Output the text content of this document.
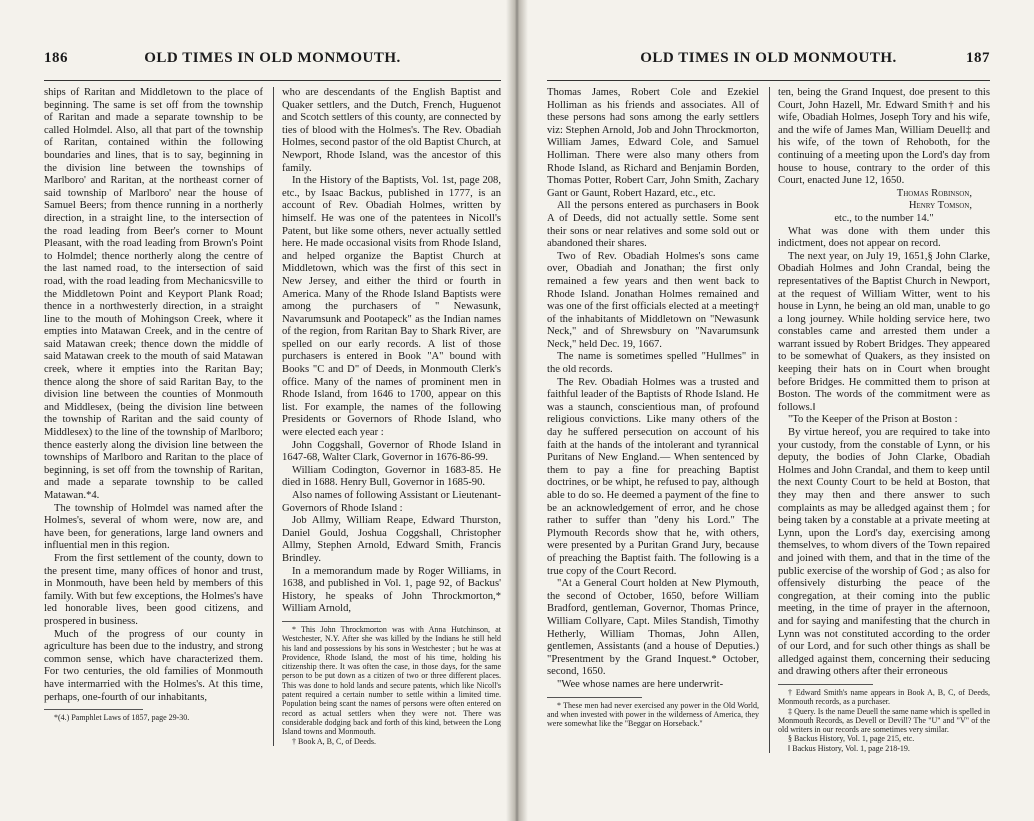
186	OLD TIMES IN OLD MONMOUTH.

ships of Raritan and Middletown to the place of beginning. The same is set off from the township of Raritan and made a separate township to be called Holmdel. Also, all that part of the township of Raritan, contained within the following boundaries and lines, that is to say, beginning in the division line between the townships of Marlboro' and Raritan, at the northeast corner of said township of Marlboro' near the house of Samuel Beers; from thence running in a northerly direction, in a straight line, to the intersection of the road leading from Beer's corner to Mount Pleasant, with the road leading from Brown's Point to Holmdel; thence northerly along the centre of the last named road, to the intersection of said road, with the road leading from Mechanicsville to the Middletown Point and Keyport Plank Road; thence in a northwesterly direction, in a straight line to the mouth of Mohingson Creek, where it empties into Matawan Creek, and in the centre of said Matawan creek; thence down the middle of said Matawan creek to the mouth of said Matawan creek, where it empties into the Raritan Bay; thence along the shore of said Raritan Bay, to the division line between the counties of Monmouth and Middlesex, (being the division line between the township of Raritan and the said county of Middlesex) to the line of the township of Marlboro; thence easterly along the division line between the townships of Marlboro and Raritan to the place of beginning, is set off from the township of Raritan, and made a separate township to be called Matawan.*4.

The township of Holmdel was named after the Holmes's, several of whom were, now are, and have been, for generations, large land owners and influential men in this region.

From the first settlement of the county, down to the present time, many offices of honor and trust, in Monmouth, have been held by members of this family. With but few exceptions, the Holmes's have led honorable lives, been good citizens, and prospered in business.

Much of the progress of our county in agriculture has been due to the industry, and strong common sense, which have characterized them. For two centuries, the old families of Monmouth have intermarried with the Holmes's. At this time, perhaps, one-fourth of our inhabitants,

*(4.) Pamphlet Laws of 1857, page 29-30.

who are descendants of the English Baptist and Quaker settlers, and the Dutch, French, Huguenot and Scotch settlers of this county, are connected by ties of blood with the Holmes's. The Rev. Obadiah Holmes, second pastor of the old Baptist Church, at Newport, Rhode Island, was the ancestor of this family.

In the History of the Baptists, Vol. 1st, page 208, etc., by Isaac Backus, published in 1777, is an account of Rev. Obadiah Holmes, written by himself. He was one of the patentees in Nicoll's Patent, but like some others, never actually settled here. He made occasional visits from Rhode Island, and helped organize the Baptist Church at Middletown, which was the first of this sect in New Jersey, and either the third or fourth in America. Many of the Rhode Island Baptists were among the purchasers of " Newasunk, Navarumsunk and Pootapeck" as the Indian names of the region, from Raritan Bay to Shark River, are spelled on our early records. A list of those purchasers is entered in Book "A" bound with Books "C and D" of Deeds, in Monmouth Clerk's office. Many of the names of prominent men in Rhode Island, from 1646 to 1700, appear on this list. For example, the names of the following Presidents or Governors of Rhode Island, who were elected each year :

John Coggshall, Governor of Rhode Island in 1647-68, Walter Clark, Governor in 1676-86-99.

William Codington, Governor in 1683-85. He died in 1688. Henry Bull, Governor in 1685-90.

Also names of following Assistant or Lieutenant-Governors of Rhode Island :

Job Allmy, William Reape, Edward Thurston, Daniel Gould, Joshua Coggshall, Christopher Allmy, Stephen Arnold, Edward Smith, Francis Brindley.

In a memorandum made by Roger Williams, in 1638, and published in Vol. 1, page 92, of Backus' History, he speaks of John Throckmorton,* William Arnold,

* This John Throckmorton was with Anna Hutchinson, at Westchester, N.Y. After she was killed by the Indians he still held his land and possessions by his sons in Westchester ; but he was at Providence, Rhode Island, the most of his time, holding his citizenship there. It was often the case, in those days, for the same person to be put down as a citizen of two or three different places. This was done to hold lands and secure patents, which like Nicoll's patent required a certain number to settle within a limited time. Population being scant the names of persons were often entered on record as actual settlers when they were not. There was considerable dodging back and forth of this kind, between the Long Island towns and Monmouth.

† Book A, B, C, of Deeds.

OLD TIMES IN OLD MONMOUTH.	187

Thomas James, Robert Cole and Ezekiel Holliman as his friends and associates. All of these persons had sons among the early settlers viz: Stephen Arnold, Job and John Throckmorton, William James, Edward Cole, and Samuel Holliman. There were also many others from Rhode Island, as Richard and Benjamin Borden, Thomas Potter, Robert Carr, John Smith, Zachary Gant or Gaunt, Robert Hazard, etc., etc.

All the persons entered as purchasers in Book A of Deeds, did not actually settle. Some sent their sons or near relatives and some sold out or abandoned their shares.

Two of Rev. Obadiah Holmes's sons came over, Obadiah and Jonathan; the first only remained a few years and then went back to Rhode Island. Jonathan Holmes remained and was one of the first officials elected at a meeting† of the inhabitants of Middletown on "Newasunk Neck," and of Shrewsbury on "Navarumsunk Neck," held Dec. 19, 1667.

The name is sometimes spelled "Hullmes" in the old records.

The Rev. Obadiah Holmes was a trusted and faithful leader of the Baptists of Rhode Island. He was a staunch, conscientious man, of profound religious convictions. Like many others of the day he suffered persecution on account of his faith at the hands of the intolerant and tyrannical Puritans of New England.— When sentenced by them to pay a fine for preaching Baptist doctrines, or be whipt, he refused to pay, although able to do so. He deemed a payment of the fine to be an acknowledgement of error, and he chose rather to suffer than "deny his Lord." The Plymouth Records show that he, with others, were presented by a Puritan Grand Jury, because of preaching the Baptist faith. The following is a true copy of the Court Record.

"At a General Court holden at New Plymouth, the second of October, 1650, before William Bradford, gentleman, Governor, Thomas Prince, William Collyare, Capt. Miles Standish, Timothy Hetherly, William Thomas, John Allen, gentlemen, Assistants (and a house of Deputies.) "Presentment by the Grand Inquest.* October, second, 1650.

"Wee whose names are here underwrit-

* These men had never exercised any power in the Old World, and when invested with power in the wilderness of America, they were somewhat like the "Beggar on Horseback."

ten, being the Grand Inquest, doe present to this Court, John Hazell, Mr. Edward Smith† and his wife, Obadiah Holmes, Joseph Tory and his wife, and the wife of James Man, William Deuell‡ and his wife, of the town of Rehoboth, for the continuing of a meeting upon the Lord's day from house to house, contrary to the order of this Court, enacted June 12, 1650.

Thomas Robinson,

Henry Tomson,

etc., to the number 14."

What was done with them under this indictment, does not appear on record.

The next year, on July 19, 1651,§ John Clarke, Obadiah Holmes and John Crandal, being the representatives of the Baptist Church in Newport, at the request of William Witter, went to his house in Lynn, he being an old man, unable to go a long journey. While holding service here, two constables came and arrested them under a warrant issued by Robert Bridges. They appeared to be somewhat of Quakers, as they insisted on keeping their hats on in Court when brought before Bridges. He committed them to prison at Boston. The words of the commitment were as follows.‖

"To the Keeper of the Prison at Boston :

By virtue hereof, you are required to take into your custody, from the constable of Lynn, or his deputy, the bodies of John Clarke, Obadiah Holmes and John Crandal, and them to keep until the next County Court to be held at Boston, that they may then and there answer to such complaints as may be alledged against them ; for being taken by a constable at a private meeting at Lynn, upon the Lord's day, exercising among themselves, to whom divers of the Town repaired and joined with them, and that in the time of the public exercise of the worship of God ; as also for offensively disturbing the peace of the congregation, at their coming into the public meeting, in the time of prayer in the afternoon, and for saying and manifesting that the church in Lynn was not constituted according to the order of our Lord, and for such other things as shall be alledged against them, concerning their seducing and drawing others after their erroneous

† Edward Smith's name appears in Book A, B, C, of Deeds, Monmouth records, as a purchaser.

‡ Query. Is the name Deuell the same name which is spelled in Monmouth Records, as Devell or Devill? The "U" and "V" of the old writers in our records are sometimes very similar.

§ Backus History, Vol. 1, page 215, etc.

‖ Backus History, Vol. 1, page 218-19.
